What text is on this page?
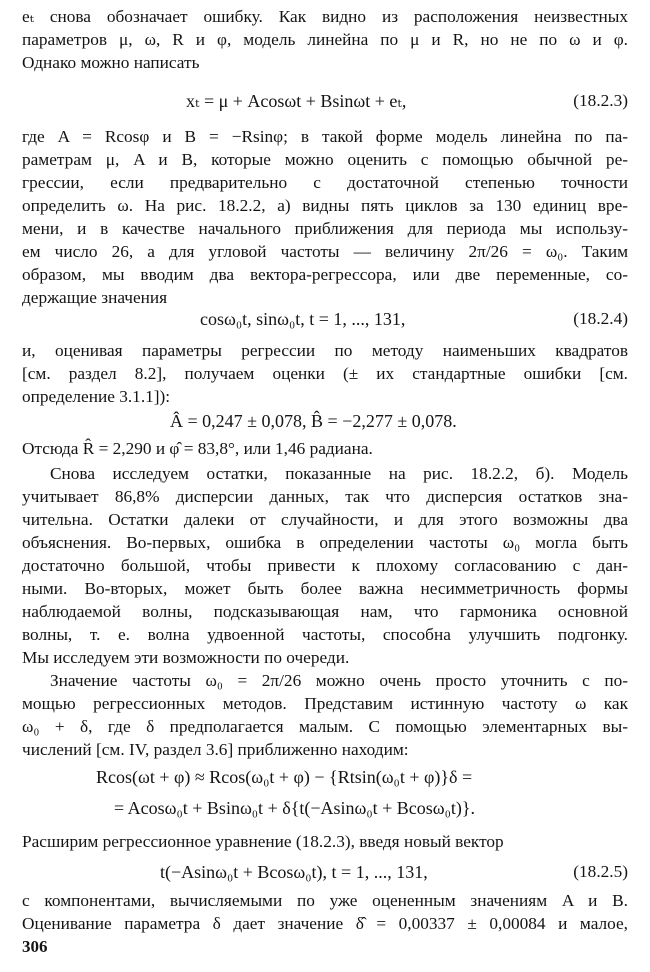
eₜ снова обозначает ошибку. Как видно из расположения неизвестных
параметров μ, ω, R и φ, модель линейна по μ и R, но не по ω и φ.
Однако можно написать
xₜ = μ + Acosωt + Bsinωt + eₜ,	(18.2.3)
где A = Rcosφ и B = −Rsinφ; в такой форме модель линейна по па-
раметрам μ, A и B, которые можно оценить с помощью обычной ре-
грессии, если предварительно с достаточной степенью точности
определить ω. На рис. 18.2.2, а) видны пять циклов за 130 единиц вре-
мени, и в качестве начального приближения для периода мы использу-
ем число 26, а для угловой частоты — величину 2π/26 = ω₀. Таким
образом, мы вводим два вектора-регрессора, или две переменные, со-
держащие значения
cosω₀t, sinω₀t, t = 1, ..., 131,	(18.2.4)
и, оценивая параметры регрессии по методу наименьших квадратов
[см. раздел 8.2], получаем оценки (± их стандартные ошибки [см.
определение 3.1.1]):
Â = 0,247 ± 0,078, B̂ = −2,277 ± 0,078.
Отсюда R̂ = 2,290 и φ̂ = 83,8°, или 1,46 радиана.
Снова исследуем остатки, показанные на рис. 18.2.2, б). Модель
учитывает 86,8% дисперсии данных, так что дисперсия остатков зна-
чительна. Остатки далеки от случайности, и для этого возможны два
объяснения. Во-первых, ошибка в определении частоты ω₀ могла быть
достаточно большой, чтобы привести к плохому согласованию с дан-
ными. Во-вторых, может быть более важна несимметричность формы
наблюдаемой волны, подсказывающая нам, что гармоника основной
волны, т. е. волна удвоенной частоты, способна улучшить подгонку.
Мы исследуем эти возможности по очереди.
Значение частоты ω₀ = 2π/26 можно очень просто уточнить с по-
мощью регрессионных методов. Представим истинную частоту ω как
ω₀ + δ, где δ предполагается малым. С помощью элементарных вы-
числений [см. IV, раздел 3.6] приближенно находим:
Rcos(ωt + φ) ≈ Rcos(ω₀t + φ) − {Rtsin(ω₀t + φ)}δ =
= Acosω₀t + Bsinω₀t + δ{t(−Asinω₀t + Bcosω₀t)}.
Расширим регрессионное уравнение (18.2.3), введя новый вектор
t(−Asinω₀t + Bcosω₀t), t = 1, ..., 131,	(18.2.5)
с компонентами, вычисляемыми по уже оцененным значениям A и B.
Оценивание параметра δ дает значение δ̂ = 0,00337 ± 0,00084 и малое,
306
